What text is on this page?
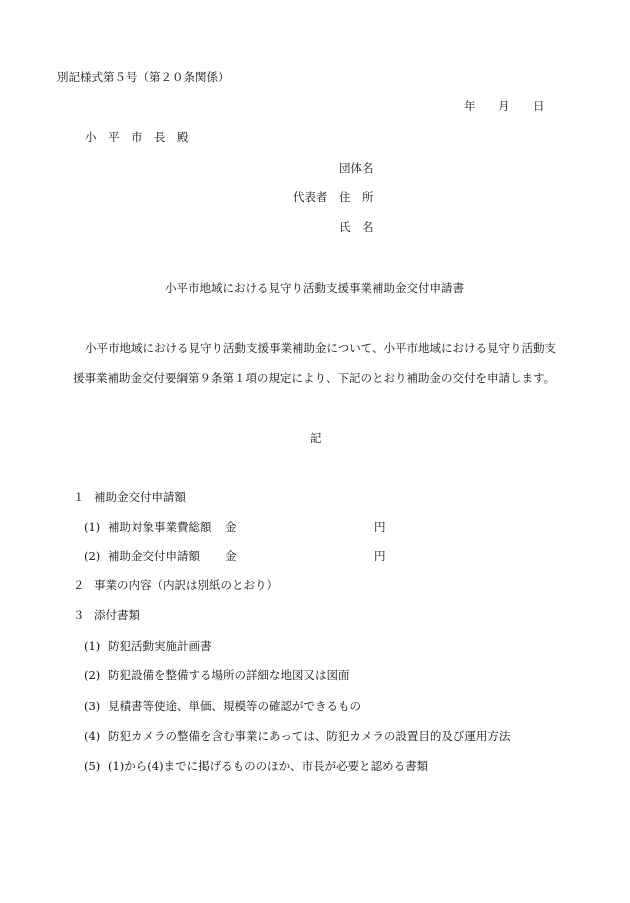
別記様式第５号（第２０条関係）
年 月 日
小　平　市　長　殿
団体名
代表者 住　所
氏　名
小平市地域における見守り活動支援事業補助金交付申請書
小平市地域における見守り活動支援事業補助金について、小平市地域における見守り活動支
援事業補助金交付要綱第９条第１項の規定により、下記のとおり補助金の交付を申請します。
記
１ 補助金交付申請額
(1) 補助対象事業費総額 金	円
(2) 補助金交付申請額 金	円
２ 事業の内容（内訳は別紙のとおり）
３ 添付書類
(1) 防犯活動実施計画書
(2) 防犯設備を整備する場所の詳細な地図又は図面
(3) 見積書等使途、単価、規模等の確認ができるもの
(4) 防犯カメラの整備を含む事業にあっては、防犯カメラの設置目的及び運用方法
(5) (1)から(4)までに掲げるもののほか、市長が必要と認める書類
